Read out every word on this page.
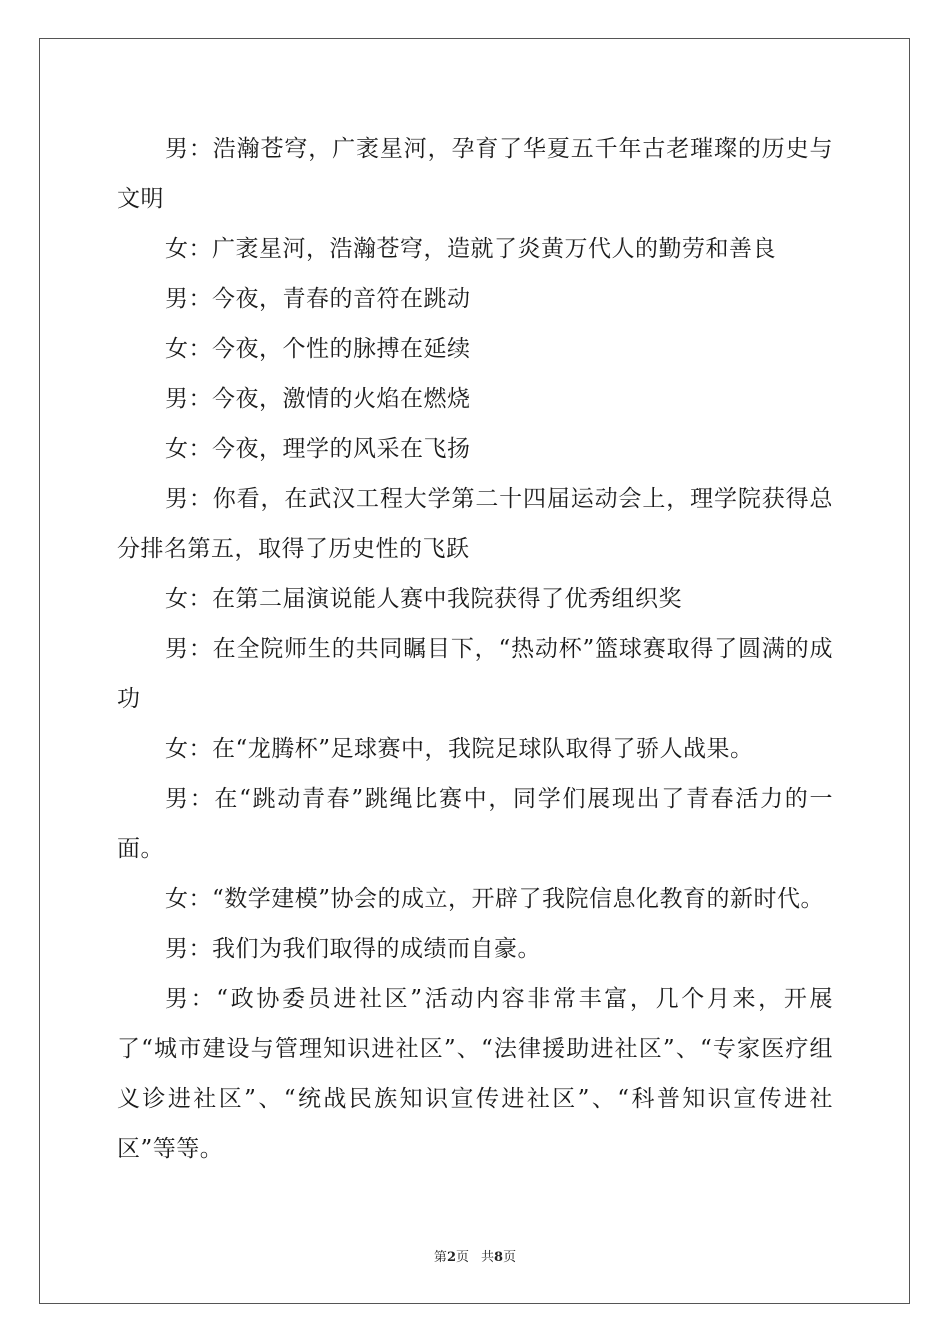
男：浩瀚苍穹，广袤星河，孕育了华夏五千年古老璀璨的历史与文明

女：广袤星河，浩瀚苍穹，造就了炎黄万代人的勤劳和善良

男：今夜，青春的音符在跳动

女：今夜，个性的脉搏在延续

男：今夜，激情的火焰在燃烧

女：今夜，理学的风采在飞扬

男：你看，在武汉工程大学第二十四届运动会上，理学院获得总分排名第五，取得了历史性的飞跃

女：在第二届演说能人赛中我院获得了优秀组织奖

男：在全院师生的共同瞩目下，“热动杯”篮球赛取得了圆满的成功

女：在“龙腾杯”足球赛中，我院足球队取得了骄人战果。

男：在“跳动青春”跳绳比赛中，同学们展现出了青春活力的一面。

女：“数学建模”协会的成立，开辟了我院信息化教育的新时代。

男：我们为我们取得的成绩而自豪。

男：“政协委员进社区”活动内容非常丰富，几个月来，开展了“城市建设与管理知识进社区”、“法律援助进社区”、“专家医疗组义诊进社区”、“统战民族知识宣传进社区”、“科普知识宣传进社区”等等。

第2页 共8页
